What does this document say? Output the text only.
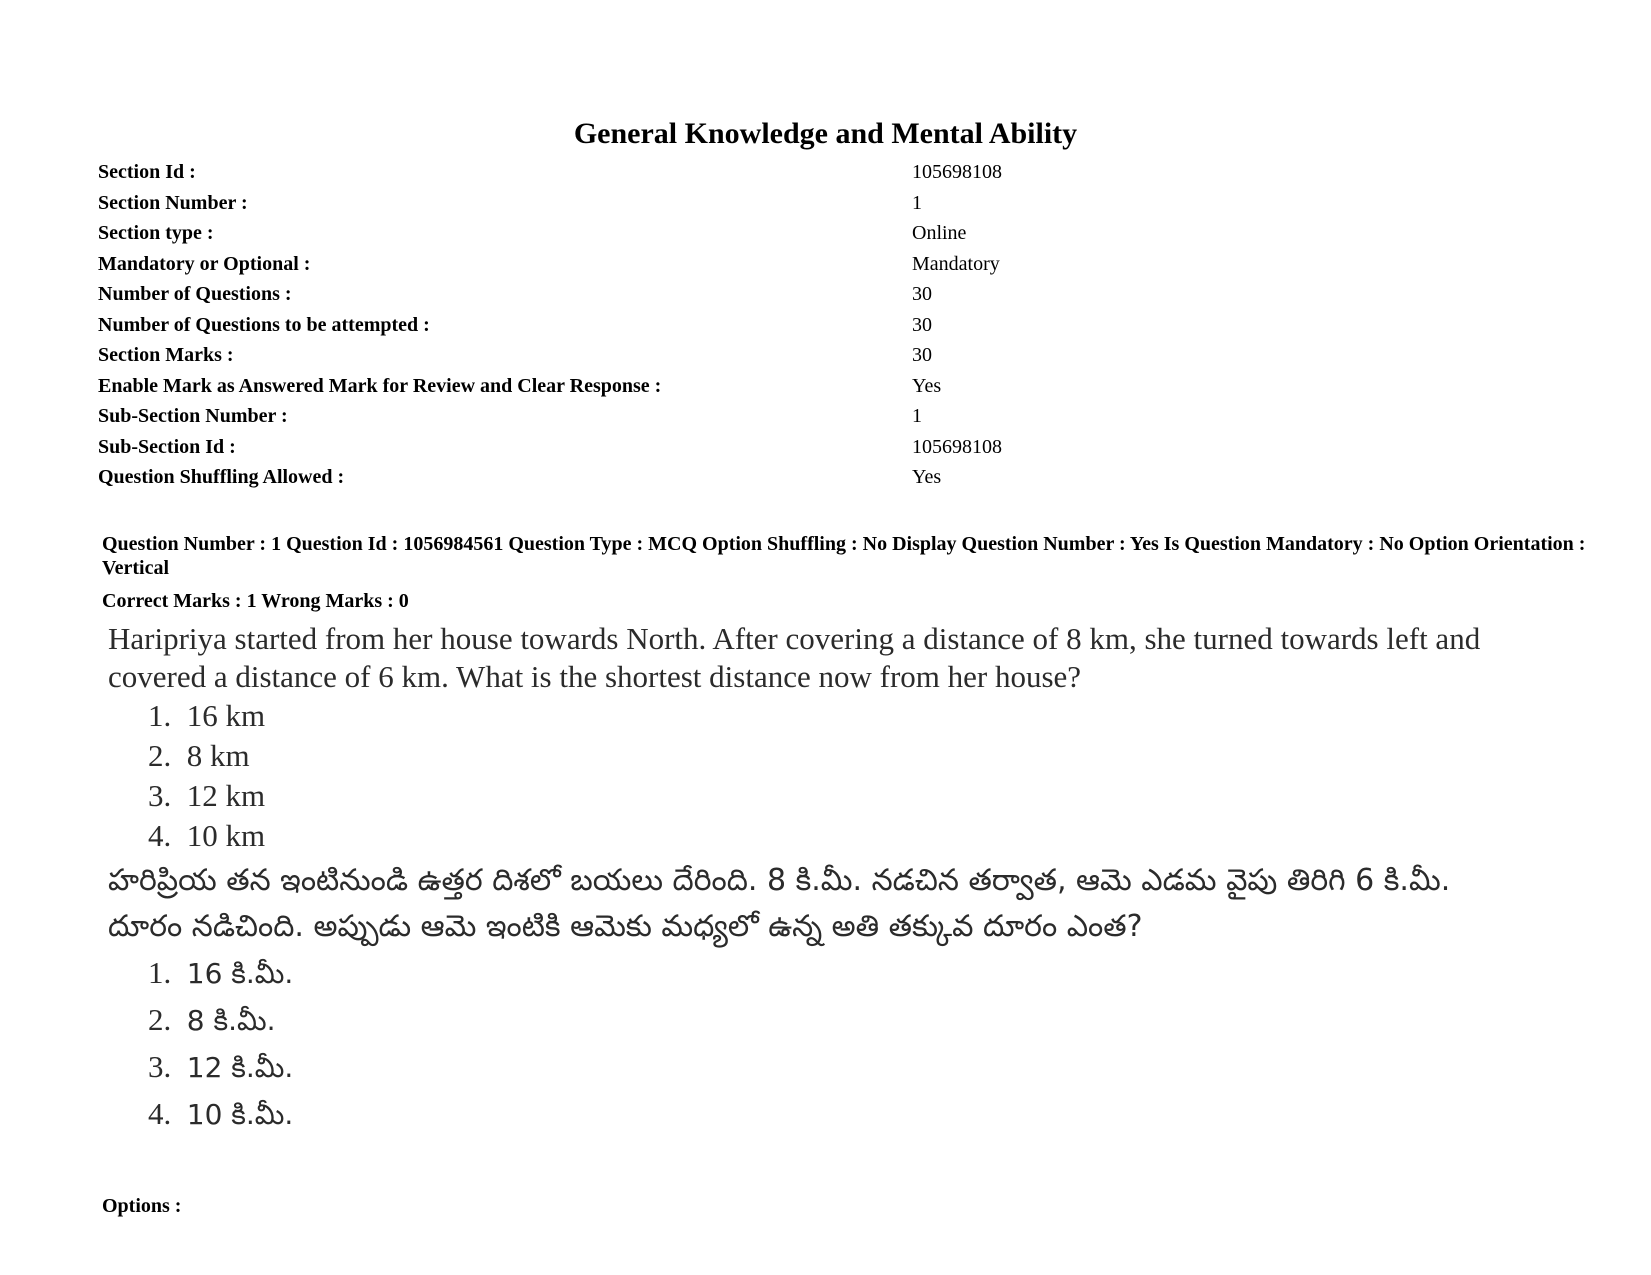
General Knowledge and Mental Ability
Section Id :	105698108
Section Number :	1
Section type :	Online
Mandatory or Optional :	Mandatory
Number of Questions :	30
Number of Questions to be attempted :	30
Section Marks :	30
Enable Mark as Answered Mark for Review and Clear Response :	Yes
Sub-Section Number :	1
Sub-Section Id :	105698108
Question Shuffling Allowed :	Yes
Question Number : 1 Question Id : 1056984561 Question Type : MCQ Option Shuffling : No Display Question Number : Yes Is Question Mandatory : No Option Orientation : Vertical
Correct Marks : 1 Wrong Marks : 0

Haripriya started from her house towards North. After covering a distance of 8 km, she turned towards left and covered a distance of 6 km. What is the shortest distance now from her house?

1. 16 km
2. 8 km
3. 12 km
4. 10 km

హరిప్రియ తన ఇంటినుండి ఉత్తర దిశలో బయలు దేరింది. 8 కి.మీ. నడచిన తర్వాత, ఆమె ఎడమ వైపు తిరిగి 6 కి.మీ. దూరం నడిచింది. అప్పుడు ఆమె ఇంటికి ఆమెకు మధ్యలో ఉన్న అతి తక్కువ దూరం ఎంత?

1. 16 కి.మీ.
2. 8 కి.మీ.
3. 12 కి.మీ.
4. 10 కి.మీ.
Options :
